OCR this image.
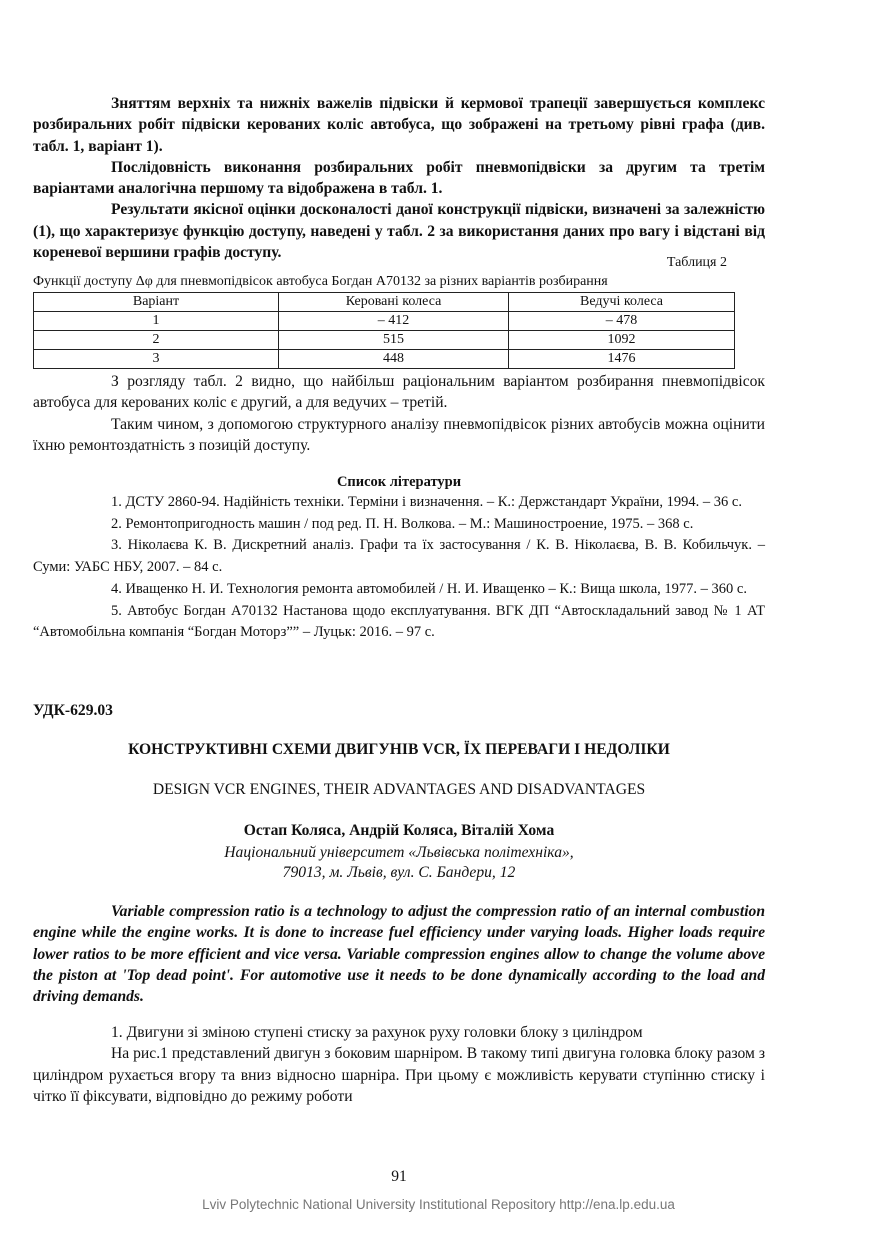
Зняттям верхніх та нижніх важелів підвіски й кермової трапеції завершується комплекс розбиральних робіт підвіски керованих коліс автобуса, що зображені на третьому рівні графа (див. табл. 1, варіант 1).

Послідовність виконання розбиральних робіт пневмопідвіски за другим та третім варіантами аналогічна першому та відображена в табл. 1.

Результати якісної оцінки досконалості даної конструкції підвіски, визначені за залежністю (1), що характеризує функцію доступу, наведені у табл. 2 за використання даних про вагу і відстані від кореневої вершини графів доступу.

Таблиця 2
Функції доступу Δφ для пневмопідвісок автобуса Богдан А70132 за різних варіантів розбирання
Варіант	Керовані колеса	Ведучі колеса
1	– 412	– 478
2	515	1092
3	448	1476

З розгляду табл. 2 видно, що найбільш раціональним варіантом розбирання пневмопідвісок автобуса для керованих коліс є другий, а для ведучих – третій.

Таким чином, з допомогою структурного аналізу пневмопідвісок різних автобусів можна оцінити їхню ремонтоздатність з позицій доступу.

Список літератури

1. ДСТУ 2860-94. Надійність техніки. Терміни і визначення. – К.: Держстандарт України, 1994. – 36 с.

2. Ремонтопригодность машин / под ред. П. Н. Волкова. – М.: Машиностроение, 1975. – 368 с.

3. Ніколаєва К. В. Дискретний аналіз. Графи та їх застосування / К. В. Ніколаєва, В. В. Кобильчук. – Суми: УАБС НБУ, 2007. – 84 с.

4. Иващенко Н. И. Технология ремонта автомобилей / Н. И. Иващенко – К.: Вища школа, 1977. – 360 с.

5. Автобус Богдан А70132 Настанова щодо експлуатування. ВГК ДП “Автоскладальний завод № 1 АТ “Автомобільна компанія “Богдан Моторз”” – Луцьк: 2016. – 97 с.

УДК-629.03
КОНСТРУКТИВНІ СХЕМИ ДВИГУНІВ VCR, ЇХ ПЕРЕВАГИ І НЕДОЛІКИ
DESIGN VCR ENGINES, THEIR ADVANTAGES AND DISADVANTAGES
Остап Коляса, Андрій Коляса, Віталій Хома
Національний університет «Львівська політехніка»,
79013, м. Львів, вул. С. Бандери, 12

Variable compression ratio is a technology to adjust the compression ratio of an internal combustion engine while the engine works. It is done to increase fuel efficiency under varying loads. Higher loads require lower ratios to be more efficient and vice versa. Variable compression engines allow to change the volume above the piston at 'Top dead point'. For automotive use it needs to be done dynamically according to the load and driving demands.

1. Двигуни зі зміною ступені стиску за рахунок руху головки блоку з циліндром

На рис.1 представлений двигун з боковим шарніром. В такому типі двигуна головка блоку разом з циліндром рухається вгору та вниз відносно шарніра. При цьому є можливість керувати ступінню стиску і чітко її фіксувати, відповідно до режиму роботи

91
Lviv Polytechnic National University Institutional Repository http://ena.lp.edu.ua
